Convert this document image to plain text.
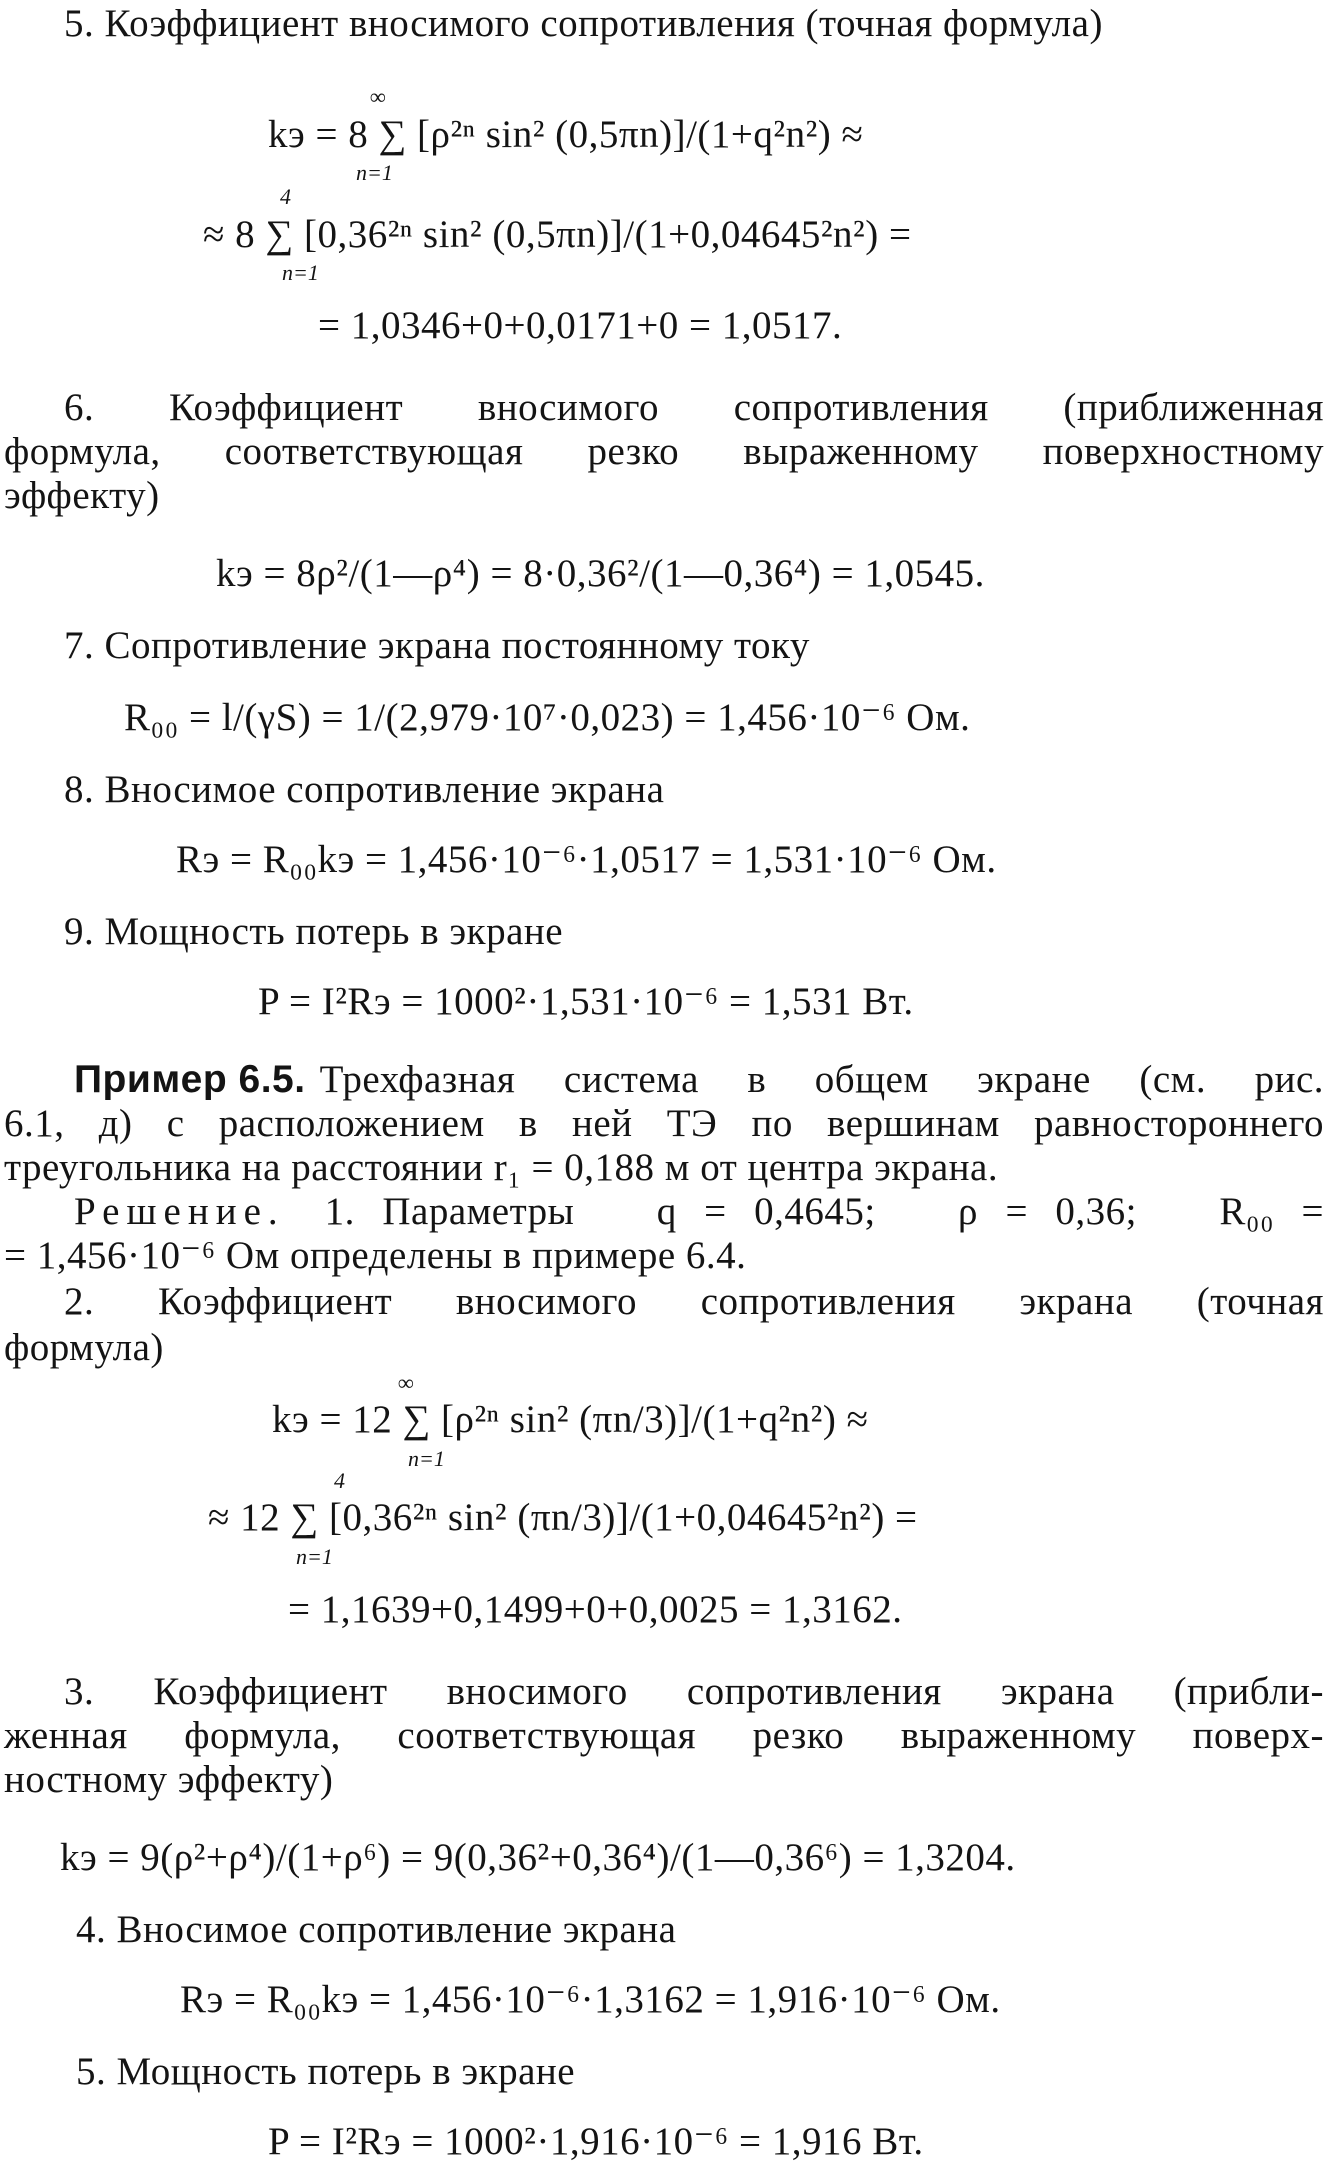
5. Коэффициент вносимого сопротивления (точная формула)
kэ = 8 ∑ [ρ²ⁿ sin² (0,5πn)]/(1+q²n²) ≈
∞
n=1
≈ 8 ∑ [0,36²ⁿ sin² (0,5πn)]/(1+0,04645²n²) =
4
n=1
= 1,0346+0+0,0171+0 = 1,0517.
6. Коэффициент вносимого сопротивления (приближенная
формула, соответствующая резко выраженному поверхностному
эффекту)
kэ = 8ρ²/(1—ρ⁴) = 8·0,36²/(1—0,36⁴) = 1,0545.
7. Сопротивление экрана постоянному току
R₀₀ = l/(γS) = 1/(2,979·10⁷·0,023) = 1,456·10⁻⁶ Ом.
8. Вносимое сопротивление экрана
Rэ = R₀₀kэ = 1,456·10⁻⁶·1,0517 = 1,531·10⁻⁶ Ом.
9. Мощность потерь в экране
P = I²Rэ = 1000²·1,531·10⁻⁶ = 1,531 Вт.
Пример 6.5. Трехфазная система в общем экране (см. рис.
6.1, д) с расположением в ней ТЭ по вершинам равностороннего
треугольника на расстоянии r₁ = 0,188 м от центра экрана.
Решение. 1. Параметры   q = 0,4645;   ρ = 0,36;   R₀₀ =
= 1,456·10⁻⁶ Ом определены в примере 6.4.
2. Коэффициент вносимого сопротивления экрана (точная
формула)
kэ = 12 ∑ [ρ²ⁿ sin² (πn/3)]/(1+q²n²) ≈
∞
n=1
≈ 12 ∑ [0,36²ⁿ sin² (πn/3)]/(1+0,04645²n²) =
4
n=1
= 1,1639+0,1499+0+0,0025 = 1,3162.
3. Коэффициент вносимого сопротивления экрана (прибли-
женная формула, соответствующая резко выраженному поверх-
ностному эффекту)
kэ = 9(ρ²+ρ⁴)/(1+ρ⁶) = 9(0,36²+0,36⁴)/(1—0,36⁶) = 1,3204.
4. Вносимое сопротивление экрана
Rэ = R₀₀kэ = 1,456·10⁻⁶·1,3162 = 1,916·10⁻⁶ Ом.
5. Мощность потерь в экране
P = I²Rэ = 1000²·1,916·10⁻⁶ = 1,916 Вт.
